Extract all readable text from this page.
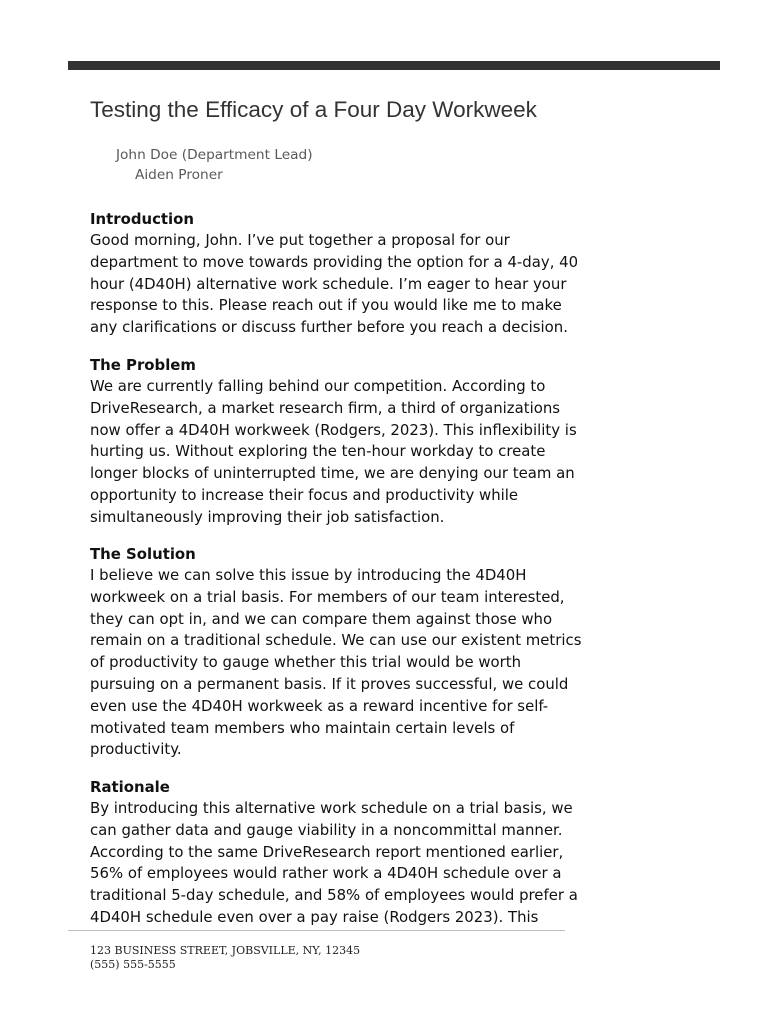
Testing the Efficacy of a Four Day Workweek
John Doe (Department Lead)
Aiden Proner
Introduction

Good morning, John. I’ve put together a proposal for our department to move towards providing the option for a 4-day, 40 hour (4D40H) alternative work schedule. I’m eager to hear your response to this. Please reach out if you would like me to make any clarifications or discuss further before you reach a decision.

The Problem

We are currently falling behind our competition. According to DriveResearch, a market research firm, a third of organizations now offer a 4D40H workweek (Rodgers, 2023). This inflexibility is hurting us. Without exploring the ten-hour workday to create longer blocks of uninterrupted time, we are denying our team an opportunity to increase their focus and productivity while simultaneously improving their job satisfaction.

The Solution

I believe we can solve this issue by introducing the 4D40H workweek on a trial basis. For members of our team interested, they can opt in, and we can compare them against those who remain on a traditional schedule. We can use our existent metrics of productivity to gauge whether this trial would be worth pursuing on a permanent basis. If it proves successful, we could even use the 4D40H workweek as a reward incentive for self-motivated team members who maintain certain levels of productivity.

Rationale

By introducing this alternative work schedule on a trial basis, we can gather data and gauge viability in a noncommittal manner. According to the same DriveResearch report mentioned earlier, 56% of employees would rather work a 4D40H schedule over a traditional 5-day schedule, and 58% of employees would prefer a 4D40H schedule even over a pay raise (Rodgers 2023). This

123 BUSINESS STREET, JOBSVILLE, NY, 12345
(555) 555-5555
